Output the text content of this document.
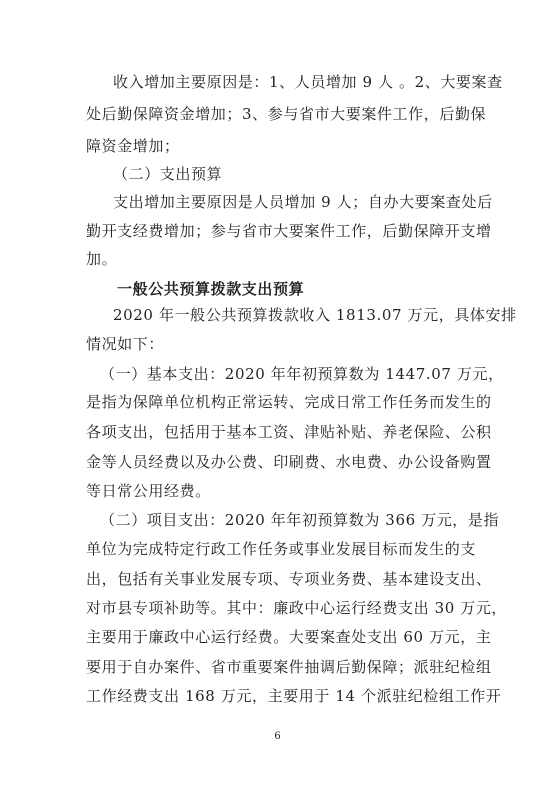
收入增加主要原因是：1、人员增加 9 人 。2、大要案查
处后勤保障资金增加；3、参与省市大要案件工作，后勤保
障资金增加；
（二）支出预算
支出增加主要原因是人员增加 9 人；自办大要案查处后
勤开支经费增加；参与省市大要案件工作，后勤保障开支增
加。
一般公共预算拨款支出预算
2020 年一般公共预算拨款收入 1813.07 万元，具体安排
情况如下：
（一）基本支出：2020 年年初预算数为 1447.07 万元，
是指为保障单位机构正常运转、完成日常工作任务而发生的
各项支出，包括用于基本工资、津贴补贴、养老保险、公积
金等人员经费以及办公费、印刷费、水电费、办公设备购置
等日常公用经费。
（二）项目支出：2020 年年初预算数为 366 万元，是指
单位为完成特定行政工作任务或事业发展目标而发生的支
出，包括有关事业发展专项、专项业务费、基本建设支出、
对市县专项补助等。其中：廉政中心运行经费支出 30 万元，
主要用于廉政中心运行经费。大要案查处支出 60 万元，主
要用于自办案件、省市重要案件抽调后勤保障；派驻纪检组
工作经费支出 168 万元，主要用于 14 个派驻纪检组工作开
6
